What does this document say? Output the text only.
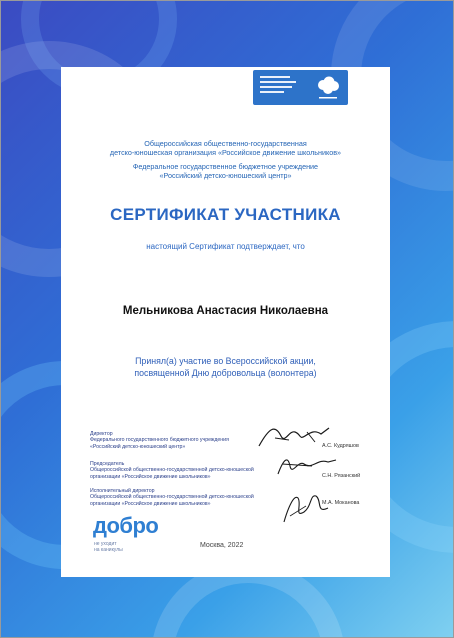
Общероссийская общественно-государственная
детско-юношеская организация «Российское движение школьников»
Федеральное государственное бюджетное учреждение
«Российский детско-юношеский центр»
СЕРТИФИКАТ УЧАСТНИКА
настоящий Сертификат подтверждает, что
Мельникова Анастасия Николаевна
Принял(а) участие во Всероссийской акции,
посвященной Дню добровольца (волонтера)
Директор
Федерального государственного бюджетного учреждения
«Российский детско-юношеский центр»	А.С. Кудряшов
Председатель
Общероссийской общественно-государственной детско-юношеской
организации «Российское движение школьников»	С.Н. Рязанский
Исполнительный директор
Общероссийской общественно-государственной детско-юношеской
организации «Российское движение школьников»	М.А. Моканова
добро
не уходит
на каникулы
Москва, 2022
